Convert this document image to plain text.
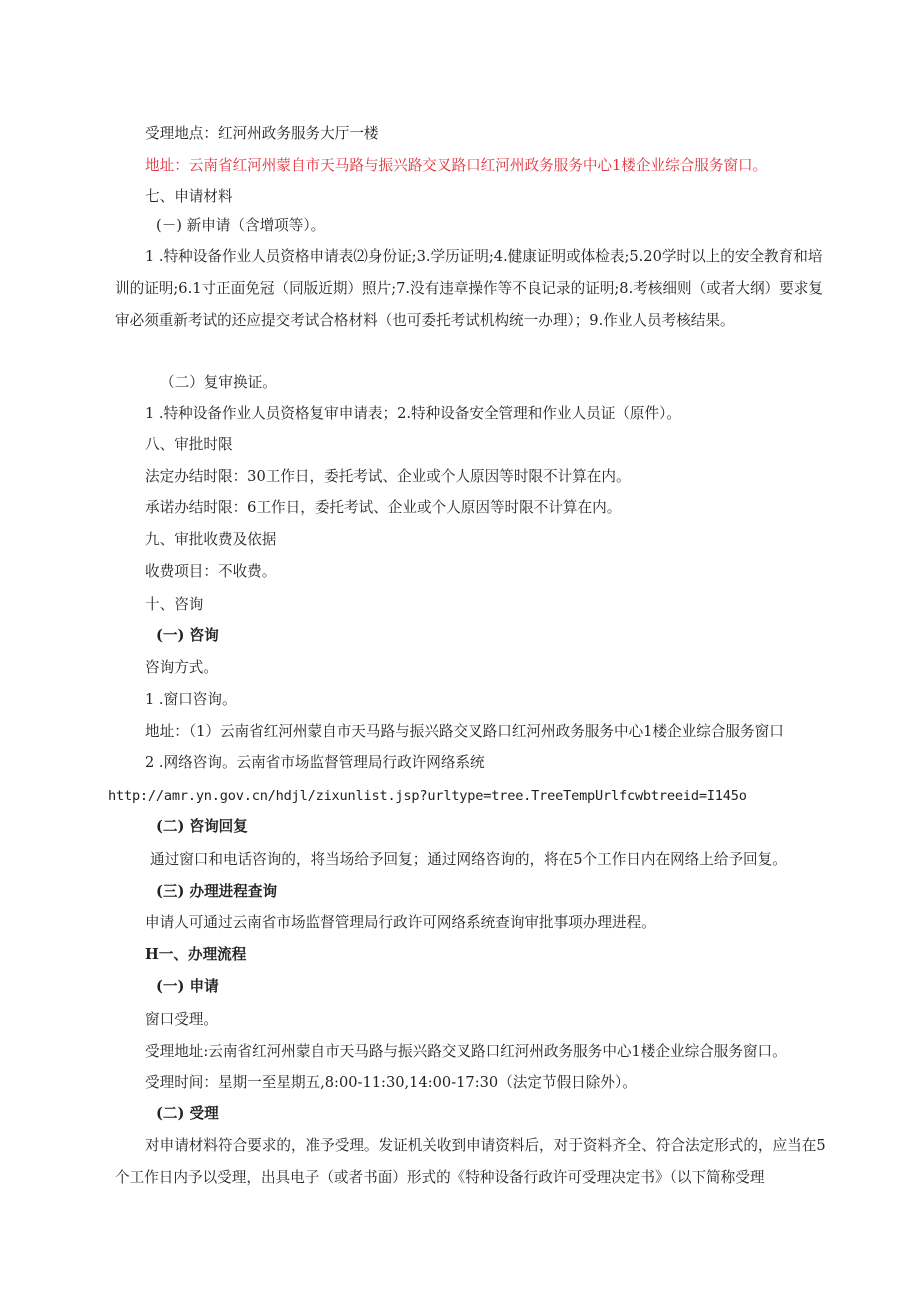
受理地点：红河州政务服务大厅一楼
地址：云南省红河州蒙自市天马路与振兴路交叉路口红河州政务服务中心1楼企业综合服务窗口。
七、申请材料
(－) 新申请（含增项等）。
1 .特种设备作业人员资格申请表⑵身份证;3.学历证明;4.健康证明或体检表;5.20学时以上的安全教育和培训的证明;6.1寸正面免冠（同版近期）照片;7.没有违章操作等不良记录的证明;8.考核细则（或者大纲）要求复审必须重新考试的还应提交考试合格材料（也可委托考试机构统一办理）；9.作业人员考核结果。
（二）复审换证。
1 .特种设备作业人员资格复审申请表；2.特种设备安全管理和作业人员证（原件）。
八、审批时限
法定办结时限：30工作日，委托考试、企业或个人原因等时限不计算在内。
承诺办结时限：6工作日，委托考试、企业或个人原因等时限不计算在内。
九、审批收费及依据
收费项目：不收费。
十、咨询
(一) 咨询
咨询方式。
1 .窗口咨询。
地址：（1）云南省红河州蒙自市天马路与振兴路交叉路口红河州政务服务中心1楼企业综合服务窗口
2 .网络咨询。云南省市场监督管理局行政许网络系统
http://amr.yn.gov.cn/hdjl/zixunlist.jsp?urltype=tree.TreeTempUrlfcwbtreeid=I145o
(二) 咨询回复
通过窗口和电话咨询的，将当场给予回复；通过网络咨询的，将在5个工作日内在网络上给予回复。
(三) 办理进程查询
申请人可通过云南省市场监督管理局行政许可网络系统查询审批事项办理进程。
H一、办理流程
(一) 申请
窗口受理。
受理地址:云南省红河州蒙自市天马路与振兴路交叉路口红河州政务服务中心1楼企业综合服务窗口。
受理时间：星期一至星期五,8:00-11:30,14:00-17:30（法定节假日除外）。
(二) 受理
对申请材料符合要求的，准予受理。发证机关收到申请资料后，对于资料齐全、符合法定形式的，应当在5个工作日内予以受理，出具电子（或者书面）形式的《特种设备行政许可受理决定书》（以下简称受理
